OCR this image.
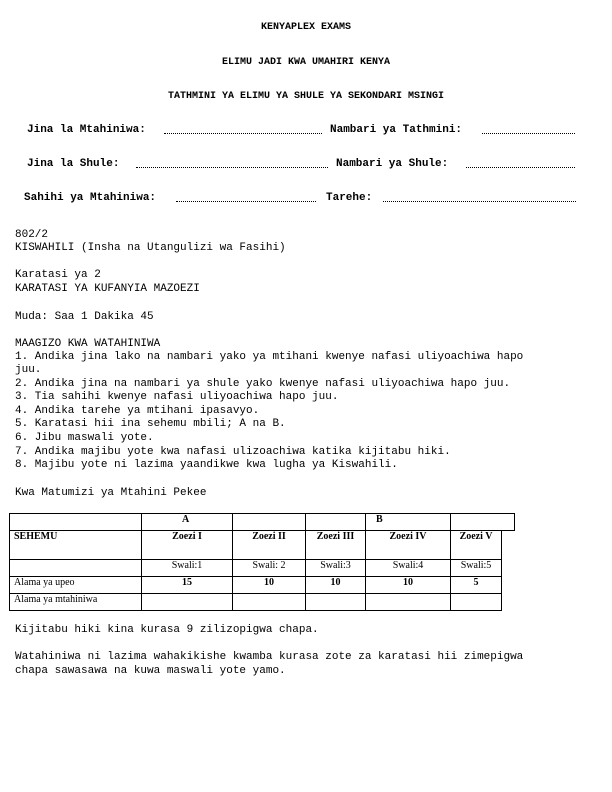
KENYAPLEX EXAMS
ELIMU JADI KWA UMAHIRI KENYA
TATHMINI YA ELIMU YA SHULE YA SEKONDARI MSINGI
Jina la Mtahiniwa:	Nambari ya Tathmini:
Jina la Shule:	Nambari ya Shule:
Sahihi ya Mtahiniwa:	Tarehe:
802/2
KISWAHILI (Insha na Utangulizi wa Fasihi)
Karatasi ya 2
KARATASI YA KUFANYIA MAZOEZI
Muda: Saa 1 Dakika 45
MAAGIZO KWA WATAHINIWA
1. Andika jina lako na nambari yako ya mtihani kwenye nafasi uliyoachiwa hapo
juu.
2. Andika jina na nambari ya shule yako kwenye nafasi uliyoachiwa hapo juu.
3. Tia sahihi kwenye nafasi uliyoachiwa hapo juu.
4. Andika tarehe ya mtihani ipasavyo.
5. Karatasi hii ina sehemu mbili; A na B.
6. Jibu maswali yote.
7. Andika majibu yote kwa nafasi ulizoachiwa katika kijitabu hiki.
8. Majibu yote ni lazima yaandikwe kwa lugha ya Kiswahili.
Kwa Matumizi ya Mtahini Pekee
	A			B		
SEHEMU	Zoezi I	Zoezi II	Zoezi III	Zoezi IV	Zoezi V	
	Swali:1	Swali: 2	Swali:3	Swali:4	Swali:5	
Alama ya upeo	15	10	10	10	5	
Alama ya mtahiniwa						
Kijitabu hiki kina kurasa 9 zilizopigwa chapa.
Watahiniwa ni lazima wahakikishe kwamba kurasa zote za karatasi hii zimepigwa
chapa sawasawa na kuwa maswali yote yamo.
